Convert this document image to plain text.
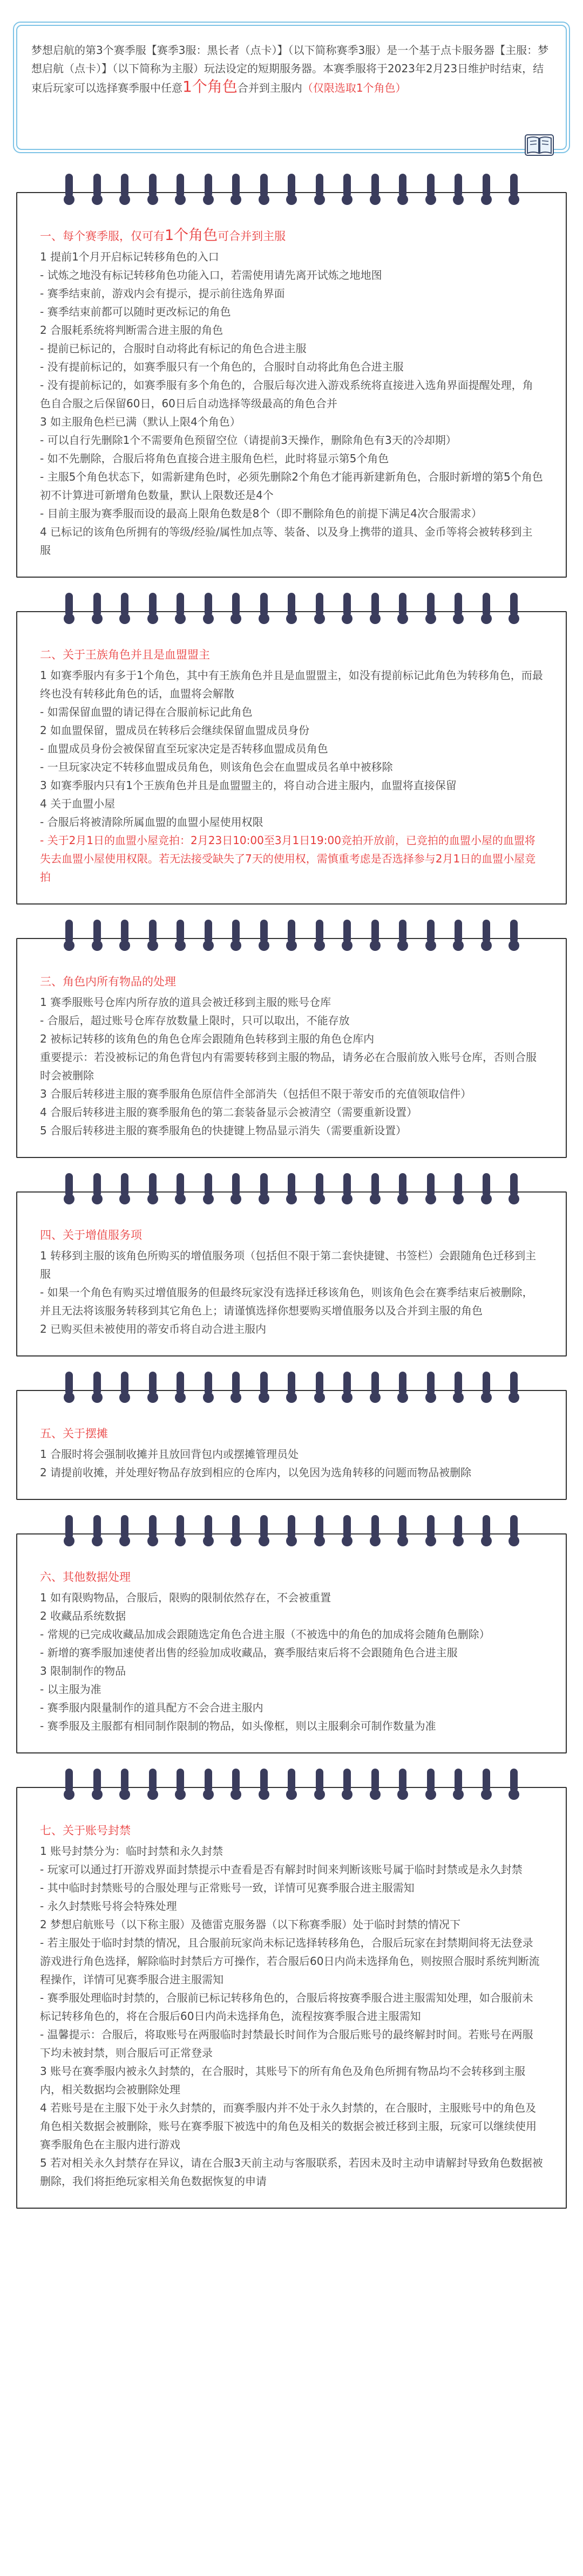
梦想启航的第3个赛季服【赛季3服：黑长者（点卡）】（以下简称赛季3服）是一个基于点卡服务器【主服：梦想启航（点卡）】（以下简称为主服）玩法设定的短期服务器。本赛季服将于2023年2月23日维护时结束，结束后玩家可以选择赛季服中任意1个角色合并到主服内（仅限选取1个角色）
一、每个赛季服，仅可有1个角色可合并到主服
1 提前1个月开启标记转移角色的入口
- 试炼之地没有标记转移角色功能入口，若需使用请先离开试炼之地地图
- 赛季结束前，游戏内会有提示，提示前往选角界面
- 赛季结束前都可以随时更改标记的角色
2 合服耗系统将判断需合进主服的角色
- 提前已标记的，合服时自动将此有标记的角色合进主服
- 没有提前标记的，如赛季服只有一个角色的，合服时自动将此角色合进主服
- 没有提前标记的，如赛季服有多个角色的，合服后每次进入游戏系统将直接进入选角界面提醒处理，角色自合服之后保留60日，60日后自动选择等级最高的角色合并
3 如主服角色栏已满（默认上限4个角色）
- 可以自行先删除1个不需要角色预留空位（请提前3天操作，删除角色有3天的冷却期）
- 如不先删除，合服后将角色直接合进主服角色栏，此时将显示第5个角色
- 主服5个角色状态下，如需新建角色时，必须先删除2个角色才能再新建新角色，合服时新增的第5个角色初不计算进可新增角色数量，默认上限数还是4个
- 目前主服为赛季服而设的最高上限角色数是8个（即不删除角色的前提下满足4次合服需求）
4 已标记的该角色所拥有的等级/经验/属性加点等、装备、以及身上携带的道具、金币等将会被转移到主服
二、关于王族角色并且是血盟盟主
1 如赛季服内有多于1个角色，其中有王族角色并且是血盟盟主，如没有提前标记此角色为转移角色，而最终也没有转移此角色的话，血盟将会解散
- 如需保留血盟的请记得在合服前标记此角色
2 如血盟保留，盟成员在转移后会继续保留血盟成员身份
- 血盟成员身份会被保留直至玩家决定是否转移血盟成员角色
- 一旦玩家决定不转移血盟成员角色，则该角色会在血盟成员名单中被移除
3 如赛季服内只有1个王族角色并且是血盟盟主的，将自动合进主服内，血盟将直接保留
4 关于血盟小屋
- 合服后将被清除所属血盟的血盟小屋使用权限
- 关于2月1日的血盟小屋竞拍：2月23日10:00至3月1日19:00竞拍开放前，已竞拍的血盟小屋的血盟将失去血盟小屋使用权限。若无法接受缺失了7天的使用权，需慎重考虑是否选择参与2月1日的血盟小屋竞拍
三、角色内所有物品的处理
1 赛季服账号仓库内所存放的道具会被迁移到主服的账号仓库
- 合服后，超过账号仓库存放数量上限时，只可以取出，不能存放
2 被标记转移的该角色的角色仓库会跟随角色转移到主服的角色仓库内
重要提示：若没被标记的角色背包内有需要转移到主服的物品，请务必在合服前放入账号仓库，否则合服时会被删除
3 合服后转移进主服的赛季服角色原信件全部消失（包括但不限于蒂安币的充值领取信件）
4 合服后转移进主服的赛季服角色的第二套装备显示会被清空（需要重新设置）
5 合服后转移进主服的赛季服角色的快捷键上物品显示消失（需要重新设置）
四、关于增值服务项
1 转移到主服的该角色所购买的增值服务项（包括但不限于第二套快捷键、书签栏）会跟随角色迁移到主服
- 如果一个角色有购买过增值服务的但最终玩家没有选择迁移该角色，则该角色会在赛季结束后被删除，并且无法将该服务转移到其它角色上；请谨慎选择你想要购买增值服务以及合并到主服的角色
2 已购买但未被使用的蒂安币将自动合进主服内
五、关于摆摊
1 合服时将会强制收摊并且放回背包内或摆摊管理员处
2 请提前收摊，并处理好物品存放到相应的仓库内，以免因为选角转移的问题而物品被删除
六、其他数据处理
1 如有限购物品，合服后，限购的限制依然存在，不会被重置
2 收藏品系统数据
- 常规的已完成收藏品加成会跟随选定角色合进主服（不被选中的角色的加成将会随角色删除）
- 新增的赛季服加速使者出售的经验加成收藏品，赛季服结束后将不会跟随角色合进主服
3 限制制作的物品
- 以主服为准
- 赛季服内限量制作的道具配方不会合进主服内
- 赛季服及主服都有相同制作限制的物品，如头像框，则以主服剩余可制作数量为准
七、关于账号封禁
1 账号封禁分为：临时封禁和永久封禁
- 玩家可以通过打开游戏界面封禁提示中查看是否有解封时间来判断该账号属于临时封禁或是永久封禁
- 其中临时封禁账号的合服处理与正常账号一致，详情可见赛季服合进主服需知
- 永久封禁账号将会特殊处理
2 梦想启航账号（以下称主服）及德雷克服务器（以下称赛季服）处于临时封禁的情况下
- 若主服处于临时封禁的情况，且合服前玩家尚未标记选择转移角色，合服后玩家在封禁期间将无法登录游戏进行角色选择，解除临时封禁后方可操作，若合服后60日内尚未选择角色，则按照合服时系统判断流程操作，详情可见赛季服合进主服需知
- 赛季服处理临时封禁的，合服前已标记转移角色的，合服后将按赛季服合进主服需知处理，如合服前未标记转移角色的，将在合服后60日内尚未选择角色，流程按赛季服合进主服需知
- 温馨提示：合服后，将取账号在两服临时封禁最长时间作为合服后账号的最终解封时间。若账号在两服下均未被封禁，则合服后可正常登录
3 账号在赛季服内被永久封禁的，在合服时，其账号下的所有角色及角色所拥有物品均不会转移到主服内，相关数据均会被删除处理
4 若账号是在主服下处于永久封禁的，而赛季服内并不处于永久封禁的，在合服时，主服账号中的角色及角色相关数据会被删除，账号在赛季服下被选中的角色及相关的数据会被迁移到主服，玩家可以继续使用赛季服角色在主服内进行游戏
5 若对相关永久封禁存在异议，请在合服3天前主动与客服联系，若因未及时主动申请解封导致角色数据被删除，我们将拒绝玩家相关角色数据恢复的申请
